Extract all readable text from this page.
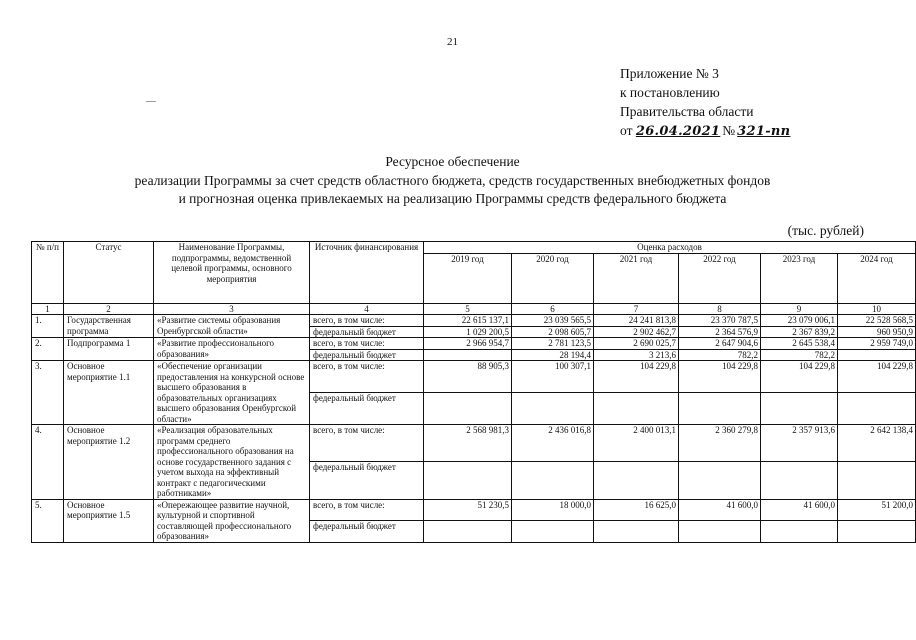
21
—
Приложение № 3
к постановлению
Правительства области
от
26.04.2021 № 321-пп
Ресурсное обеспечение
реализации Программы за счет средств областного бюджета, средств государственных внебюджетных фондов
и прогнозная оценка привлекаемых на реализацию Программы средств федерального бюджета
(тыс. рублей)
№ п/п	Статус	Наименование Программы, подпрограммы, ведомственной целевой программы, основного мероприятия	Источник финансирования	Оценка расходов					
				2019 год	2020 год	2021 год	2022 год	2023 год	2024 год
1	2	3	4	5	6	7	8	9	10
1.	Государственная программа	«Развитие системы образования Оренбургской области»	всего, в том числе:	22 615 137,1	23 039 565,5	24 241 813,8	23 370 787,5	23 079 006,1	22 528 568,5
			федеральный бюджет	1 029 200,5	2 098 605,7	2 902 462,7	2 364 576,9	2 367 839,2	960 950,9
2.	Подпрограмма 1	«Развитие профессионального образования»	всего, в том числе:	2 966 954,7	2 781 123,5	2 690 025,7	2 647 904,6	2 645 538,4	2 959 749,0
			федеральный бюджет		28 194,4	3 213,6	782,2	782,2	
3.	Основное мероприятие 1.1	«Обеспечение организации предоставления на конкурсной основе высшего образования в образовательных организациях высшего образования Оренбургской области»	всего, в том числе:	88 905,3	100 307,1	104 229,8	104 229,8	104 229,8	104 229,8
			федеральный бюджет						
4.	Основное мероприятие 1.2	«Реализация образовательных программ среднего профессионального образования на основе государственного задания с учетом выхода на эффективный контракт с педагогическими работниками»	всего, в том числе:	2 568 981,3	2 436 016,8	2 400 013,1	2 360 279,8	2 357 913,6	2 642 138,4
			федеральный бюджет						
5.	Основное мероприятие 1.5	«Опережающее развитие научной, культурной и спортивной составляющей профессионального образования»	всего, в том числе:	51 230,5	18 000,0	16 625,0	41 600,0	41 600,0	51 200,0
			федеральный бюджет						
